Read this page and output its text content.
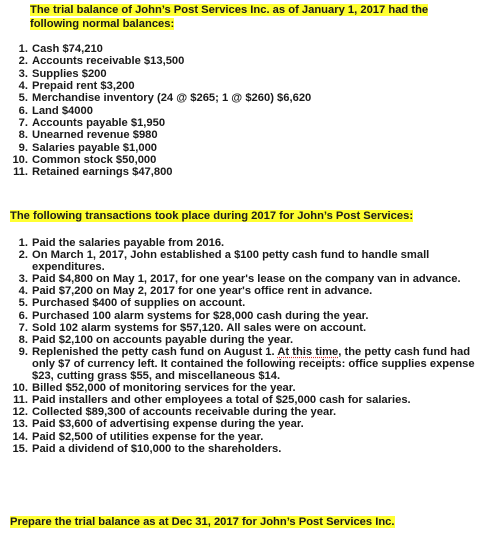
The trial balance of John’s Post Services Inc. as of January 1, 2017 had the
following normal balances:
1. Cash $74,210
2. Accounts receivable $13,500
3. Supplies $200
4. Prepaid rent $3,200
5. Merchandise inventory (24 @ $265; 1 @ $260) $6,620
6. Land $4000
7. Accounts payable $1,950
8. Unearned revenue $980
9. Salaries payable $1,000
10. Common stock $50,000
11. Retained earnings $47,800
The following transactions took place during 2017 for John’s Post Services:
1. Paid the salaries payable from 2016.
2. On March 1, 2017, John established a $100 petty cash fund to handle small expenditures.
3. Paid $4,800 on May 1, 2017, for one year's lease on the company van in advance.
4. Paid $7,200 on May 2, 2017 for one year's office rent in advance.
5. Purchased $400 of supplies on account.
6. Purchased 100 alarm systems for $28,000 cash during the year.
7. Sold 102 alarm systems for $57,120. All sales were on account.
8. Paid $2,100 on accounts payable during the year.
9. Replenished the petty cash fund on August 1. At this time, the petty cash fund had only $7 of currency left. It contained the following receipts: office supplies expense $23, cutting grass $55, and miscellaneous $14.
10. Billed $52,000 of monitoring services for the year.
11. Paid installers and other employees a total of $25,000 cash for salaries.
12. Collected $89,300 of accounts receivable during the year.
13. Paid $3,600 of advertising expense during the year.
14. Paid $2,500 of utilities expense for the year.
15. Paid a dividend of $10,000 to the shareholders.
Prepare the trial balance as at Dec 31, 2017 for John’s Post Services Inc.
